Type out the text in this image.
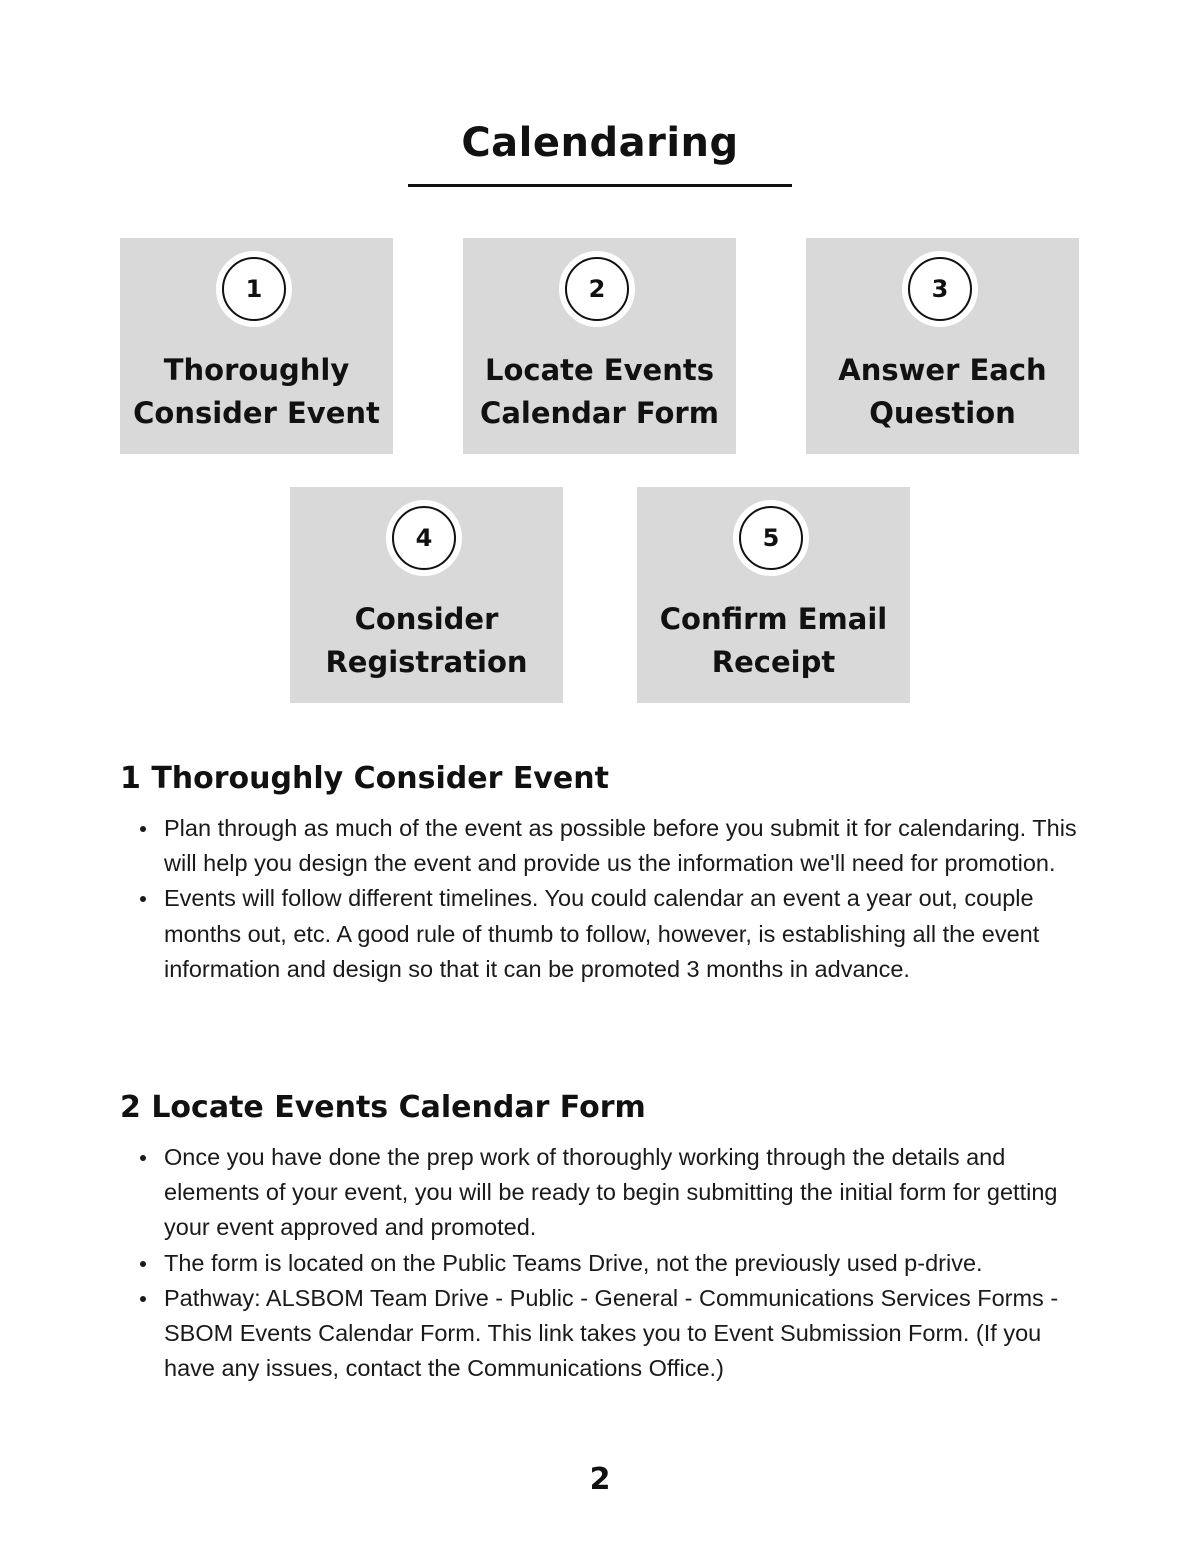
Calendaring
1
Thoroughly
Consider Event
2
Locate Events
Calendar Form
3
Answer Each
Question
4
Consider
Registration
5
Confirm Email
Receipt
1 Thoroughly Consider Event
Plan through as much of the event as possible before you submit it for calendaring. This will help you design the event and provide us the information we'll need for promotion.
Events will follow different timelines. You could calendar an event a year out, couple months out, etc. A good rule of thumb to follow, however, is establishing all the event information and design so that it can be promoted 3 months in advance.
2 Locate Events Calendar Form
Once you have done the prep work of thoroughly working through the details and elements of your event, you will be ready to begin submitting the initial form for getting your event approved and promoted.
The form is located on the Public Teams Drive, not the previously used p-drive.
Pathway: ALSBOM Team Drive - Public - General - Communications Services Forms - SBOM Events Calendar Form. This link takes you to Event Submission Form. (If you have any issues, contact the Communications Office.)
2
